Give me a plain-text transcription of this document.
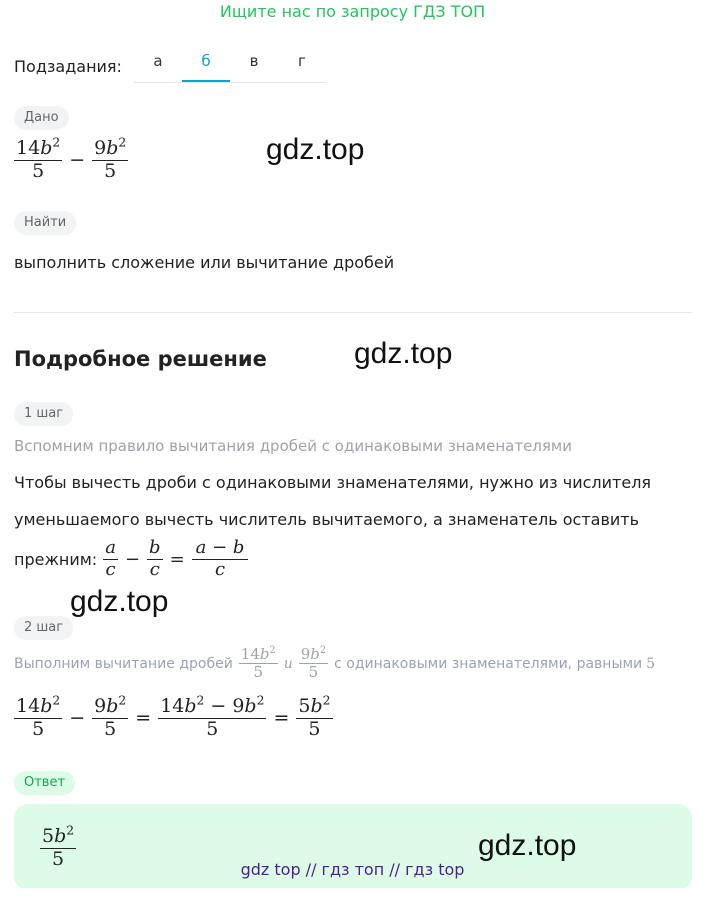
Ищите нас по запросу ГДЗ ТОП
Подзадания:	а	б	в	г
Дано
$\frac{14b^2}{5} - \frac{9b^2}{5}$	gdz.top
Найти
выполнить сложение или вычитание дробей
Подробное решение	gdz.top
1 шаг
Вспомним правило вычитания дробей с одинаковыми знаменателями
Чтобы вычесть дроби с одинаковыми знаменателями, нужно из числителя
уменьшаемого вычесть числитель вычитаемого, а знаменатель оставить
прежним: $\frac{a}{c} - \frac{b}{c} = \frac{a - b}{c}$
gdz.top
2 шаг
Выполним вычитание дробей $\frac{14b^2}{5}$ и $\frac{9b^2}{5}$ с одинаковыми знаменателями, равными 5
$\frac{14b^2}{5} - \frac{9b^2}{5} = \frac{14b^2 - 9b^2}{5} = \frac{5b^2}{5}$
Ответ
$\frac{5b^2}{5}$	gdz.top
gdz top // гдз топ // гдз top
